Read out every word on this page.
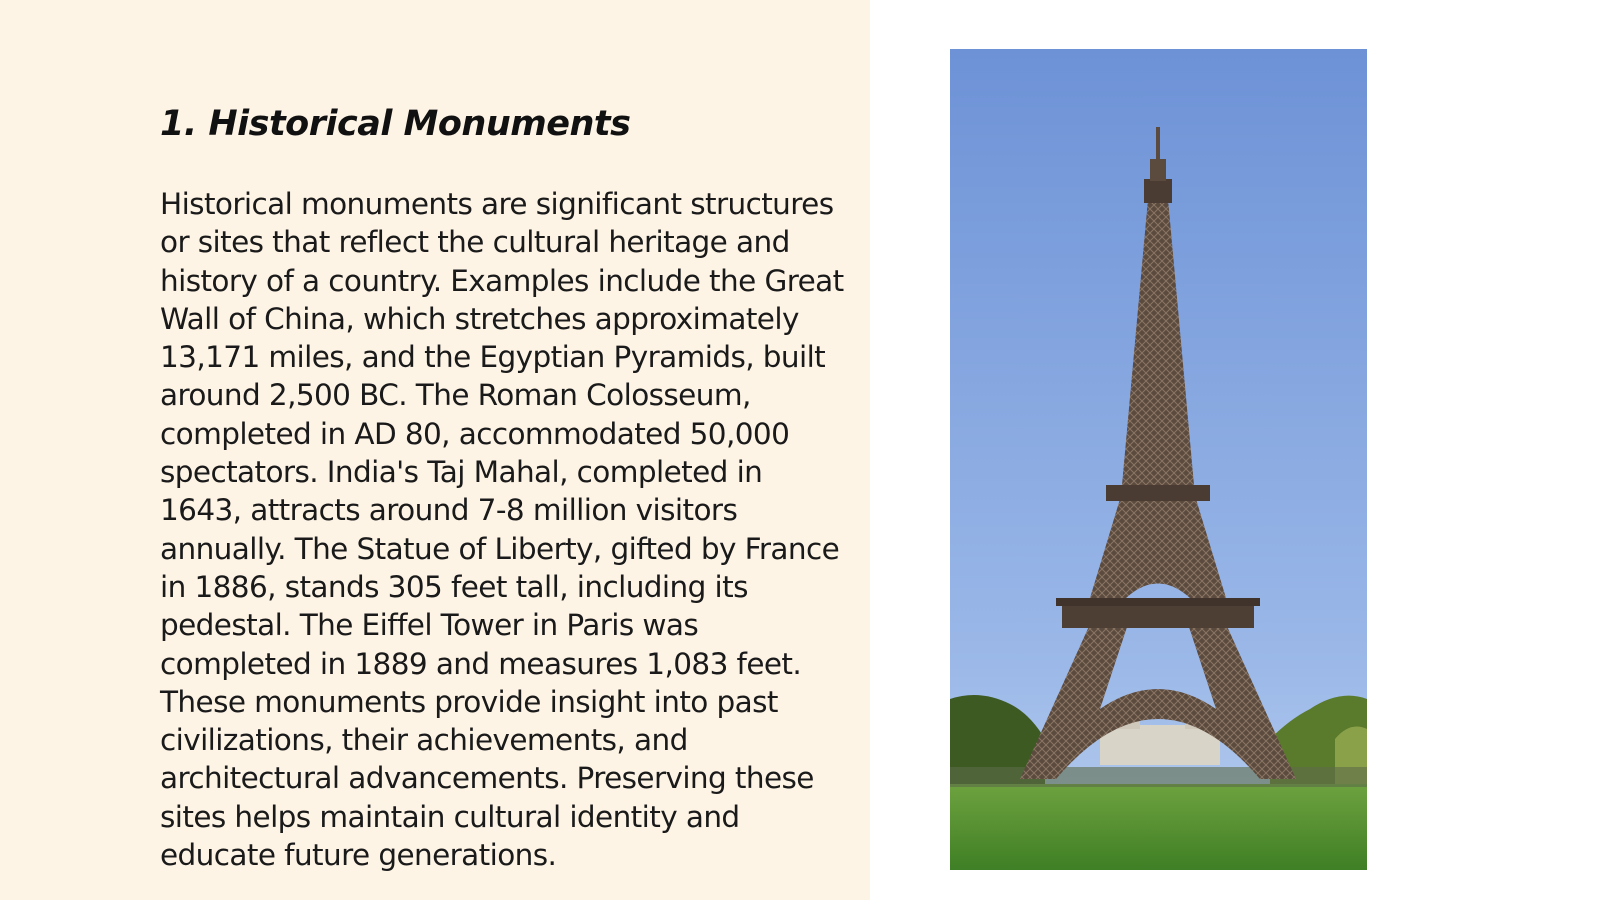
1. Historical Monuments

Historical monuments are significant structures or sites that reflect the cultural heritage and history of a country. Examples include the Great Wall of China, which stretches approximately 13,171 miles, and the Egyptian Pyramids, built around 2,500 BC. The Roman Colosseum, completed in AD 80, accommodated 50,000 spectators. India's Taj Mahal, completed in 1643, attracts around 7-8 million visitors annually. The Statue of Liberty, gifted by France in 1886, stands 305 feet tall, including its pedestal. The Eiffel Tower in Paris was completed in 1889 and measures 1,083 feet. These monuments provide insight into past civilizations, their achievements, and architectural advancements. Preserving these sites helps maintain cultural identity and educate future generations.
